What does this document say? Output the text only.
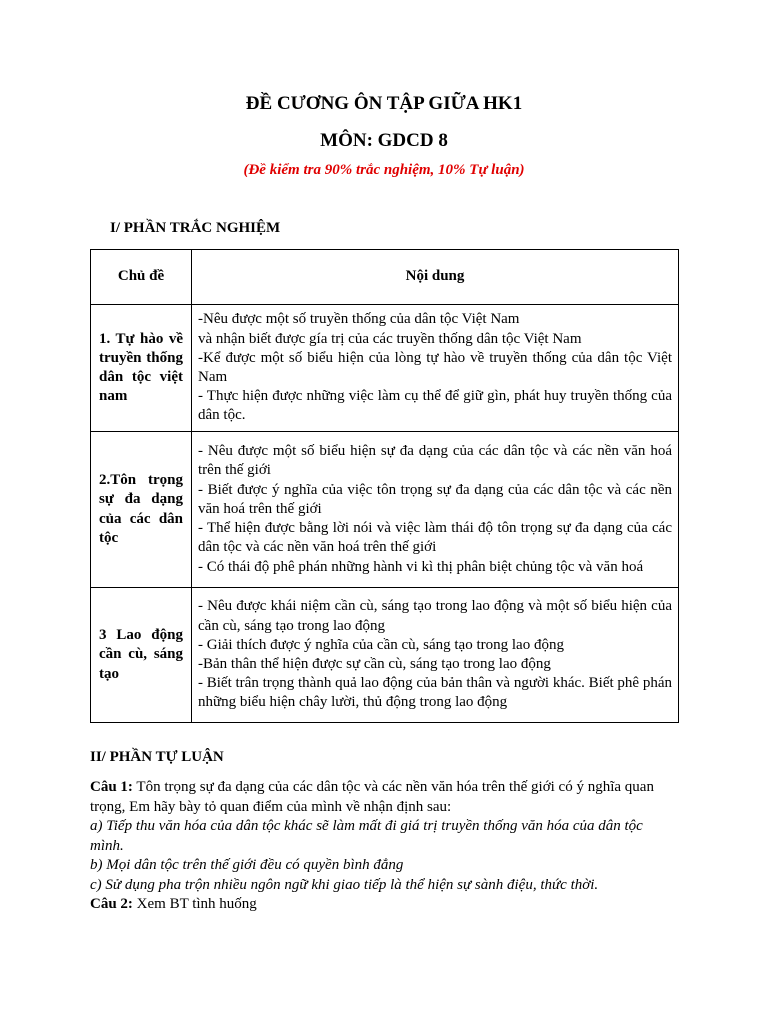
ĐỀ CƯƠNG ÔN TẬP GIỮA HK1
MÔN: GDCD 8
(Đề kiểm tra 90% trắc nghiệm, 10% Tự luận)
I/ PHẦN TRẮC NGHIỆM
Chủ đề	Nội dung
1. Tự hào về truyền thống dân tộc việt nam	-Nêu được một số truyền thống của dân tộc Việt Nam
và nhận biết được gía trị của các truyền thống dân tộc Việt Nam
-Kể được một số biểu hiện của lòng tự hào về truyền thống của dân tộc Việt Nam
- Thực hiện được những việc làm cụ thể để giữ gìn, phát huy truyền thống của dân tộc.

2.Tôn trọng sự đa dạng của các dân tộc	- Nêu được một số biểu hiện sự đa dạng của các dân tộc và các nền văn hoá trên thế giới
- Biết được ý nghĩa của việc tôn trọng sự đa dạng của các dân tộc và các nền văn hoá trên thế giới
- Thể hiện được bằng lời nói và việc làm thái độ tôn trọng sự đa dạng của các dân tộc và các nền văn hoá trên thế giới
- Có thái độ phê phán những hành vi kì thị phân biệt chủng tộc và văn hoá

3 Lao động cần cù, sáng tạo	- Nêu được khái niệm cần cù, sáng tạo trong lao động và một số biểu hiện của cần cù, sáng tạo trong lao động
- Giải thích được ý nghĩa của cần cù, sáng tạo trong lao động
-Bản thân thể hiện được sự cần cù, sáng tạo trong lao động
- Biết trân trọng thành quả lao động của bản thân và người khác. Biết phê phán những biểu hiện chây lười, thủ động trong lao động
II/ PHẦN TỰ LUẬN

Câu 1: Tôn trọng sự đa dạng của các dân tộc và các nền văn hóa trên thế giới có ý nghĩa quan trọng, Em hãy bày tỏ quan điểm của mình về nhận định sau:

a) Tiếp thu văn hóa của dân tộc khác sẽ làm mất đi giá trị truyền thống văn hóa của dân tộc mình.

b) Mọi dân tộc trên thế giới đều có quyền bình đẳng

c) Sử dụng pha trộn nhiều ngôn ngữ khi giao tiếp là thể hiện sự sành điệu, thức thời.

Câu 2: Xem BT tình huống
